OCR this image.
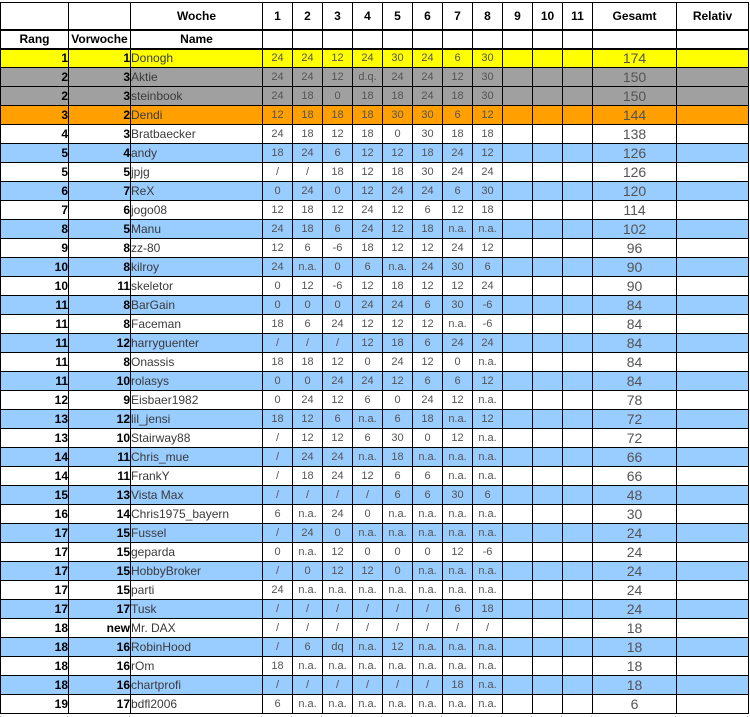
		Woche	1	2	3	4	5	6	7	8	9	10	11	Gesamt	Relativ
Rang	Vorwoche	Name													
1	1	Donogh	24	24	12	24	30	24	6	30				174	
2	3	Aktie	24	24	12	d.q.	24	24	12	30				150	
2	3	steinbook	24	18	0	18	18	24	18	30				150	
3	2	Dendi	12	18	18	18	30	30	6	12				144	
4	3	Bratbaecker	24	18	12	18	0	30	18	18				138	
5	4	andy	18	24	6	12	12	18	24	12				126	
5	5	jpjg	/	/	18	12	18	30	24	24				126	
6	7	ReX	0	24	0	12	24	24	6	30				120	
7	6	jogo08	12	18	12	24	12	6	12	18				114	
8	5	Manu	24	18	6	24	12	18	n.a.	n.a.				102	
9	8	zz-80	12	6	-6	18	12	12	24	12				96	
10	8	kilroy	24	n.a.	0	6	n.a.	24	30	6				90	
10	11	skeletor	0	12	-6	12	18	12	12	24				90	
11	8	BarGain	0	0	0	24	24	6	30	-6				84	
11	8	Faceman	18	6	24	12	12	12	n.a.	-6				84	
11	12	harryguenter	/	/	/	12	18	6	24	24				84	
11	8	Onassis	18	18	12	0	24	12	0	n.a.				84	
11	10	rolasys	0	0	24	24	12	6	6	12				84	
12	9	Eisbaer1982	0	24	12	6	0	24	12	n.a.				78	
13	12	lil_jensi	18	12	6	n.a.	6	18	n.a.	12				72	
13	10	Stairway88	/	12	12	6	30	0	12	n.a.				72	
14	11	Chris_mue	/	24	24	n.a.	18	n.a.	n.a.	n.a.				66	
14	11	FrankY	/	18	24	12	6	6	n.a.	n.a.				66	
15	13	Vista Max	/	/	/	/	6	6	30	6				48	
16	14	Chris1975_bayern	6	n.a.	24	0	n.a.	n.a.	n.a.	n.a.				30	
17	15	Fussel	/	24	0	n.a.	n.a.	n.a.	n.a.	n.a.				24	
17	15	geparda	0	n.a.	12	0	0	0	12	-6				24	
17	15	HobbyBroker	/	0	12	12	0	n.a.	n.a.	n.a.				24	
17	15	parti	24	n.a.	n.a.	n.a.	n.a.	n.a.	n.a.	n.a.				24	
17	17	Tusk	/	/	/	/	/	/	6	18				24	
18	new	Mr. DAX	/	/	/	/	/	/	/	/				18	
18	16	RobinHood	/	6	dq	n.a.	12	n.a.	n.a.	n.a.				18	
18	16	rOm	18	n.a.	n.a.	n.a.	n.a.	n.a.	n.a.	n.a.				18	
18	16	chartprofi	/	/	/	/	/	/	18	n.a.				18	
19	17	bdfl2006	6	n.a.	n.a.	n.a.	n.a.	n.a.	n.a.	n.a.				6	
